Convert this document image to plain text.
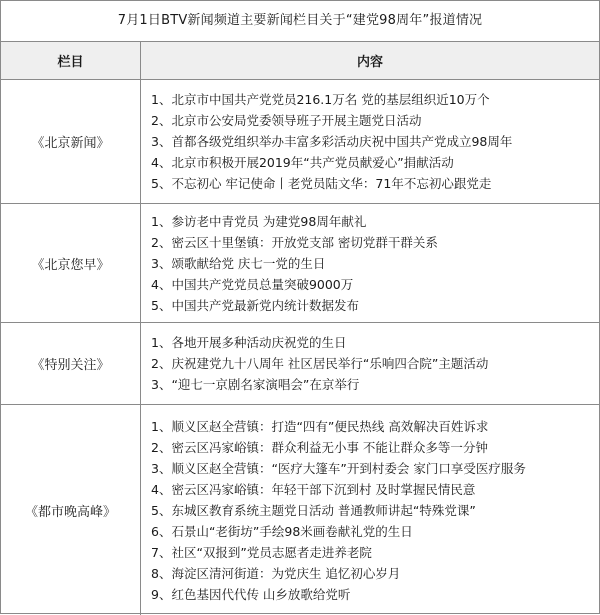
7月1日BTV新闻频道主要新闻栏目关于“建党98周年”报道情况
栏目	内容
《北京新闻》
1、北京市中国共产党党员216.1万名 党的基层组织近10万个
2、北京市公安局党委领导班子开展主题党日活动
3、首都各级党组织举办丰富多彩活动庆祝中国共产党成立98周年
4、北京市积极开展2019年“共产党员献爱心”捐献活动
5、不忘初心 牢记使命丨老党员陆文华：71年不忘初心跟党走
《北京您早》
1、参访老中青党员 为建党98周年献礼
2、密云区十里堡镇：开放党支部 密切党群干群关系
3、颂歌献给党 庆七一党的生日
4、中国共产党党员总量突破9000万
5、中国共产党最新党内统计数据发布
《特别关注》
1、各地开展多种活动庆祝党的生日
2、庆祝建党九十八周年 社区居民举行“乐响四合院”主题活动
3、“迎七一京剧名家演唱会”在京举行
《都市晚高峰》
1、顺义区赵全营镇：打造“四有”便民热线 高效解决百姓诉求
2、密云区冯家峪镇：群众利益无小事 不能让群众多等一分钟
3、顺义区赵全营镇：“医疗大篷车”开到村委会 家门口享受医疗服务
4、密云区冯家峪镇：年轻干部下沉到村 及时掌握民情民意
5、东城区教育系统主题党日活动 普通教师讲起“特殊党课”
6、石景山“老街坊”手绘98米画卷献礼党的生日
7、社区“双报到”党员志愿者走进养老院
8、海淀区清河街道：为党庆生 追忆初心岁月
9、红色基因代代传 山乡放歌给党听
